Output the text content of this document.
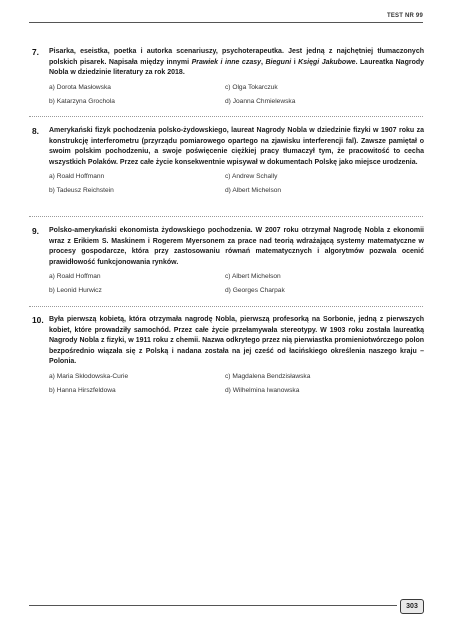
TEST NR 99
7. Pisarka, eseistka, poetka i autorka scenariuszy, psychoterapeutka. Jest jedną z najchętniej tłumaczonych polskich pisarek. Napisała między innymi Prawiek i inne czasy, Bieguni i Księgi Jakubowe. Laureatka Nagrody Nobla w dziedzinie literatury za rok 2018.
a) Dorota Masłowska	c) Olga Tokarczuk
b) Katarzyna Grochola	d) Joanna Chmielewska
8. Amerykański fizyk pochodzenia polsko-żydowskiego, laureat Nagrody Nobla w dziedzinie fizyki w 1907 roku za konstrukcję interferometru (przyrządu pomiarowego opartego na zjawisku interferencji fal). Zawsze pamiętał o swoim polskim pochodzeniu, a swoje poświęcenie ciężkiej pracy tłumaczył tym, że pracowitość to cecha wszystkich Polaków. Przez całe życie konsekwentnie wpisywał w dokumentach Polskę jako miejsce urodzenia.
a) Roald Hoffmann	c) Andrew Schally
b) Tadeusz Reichstein	d) Albert Michelson
9. Polsko-amerykański ekonomista żydowskiego pochodzenia. W 2007 roku otrzymał Nagrodę Nobla z ekonomii wraz z Erikiem S. Maskinem i Rogerem Myersonem za prace nad teorią wdrażającą systemy matematyczne w procesy gospodarcze, która przy zastosowaniu równań matematycznych i algorytmów pozwala ocenić prawidłowość funkcjonowania rynków.
a) Roald Hoffman	c) Albert Michelson
b) Leonid Hurwicz	d) Georges Charpak
10. Była pierwszą kobietą, która otrzymała nagrodę Nobla, pierwszą profesorką na Sorbonie, jedną z pierwszych kobiet, które prowadziły samochód. Przez całe życie przełamywała stereotypy. W 1903 roku została laureatką Nagrody Nobla z fizyki, w 1911 roku z chemii. Nazwa odkrytego przez nią pierwiastka promieniotwórczego polon bezpośrednio wiązała się z Polską i nadana została na jej cześć od łacińskiego określenia naszego kraju – Polonia.
a) Maria Skłodowska-Curie	c) Magdalena Bendzisławska
b) Hanna Hirszfeldowa	d) Wilhelmina Iwanowska
303
